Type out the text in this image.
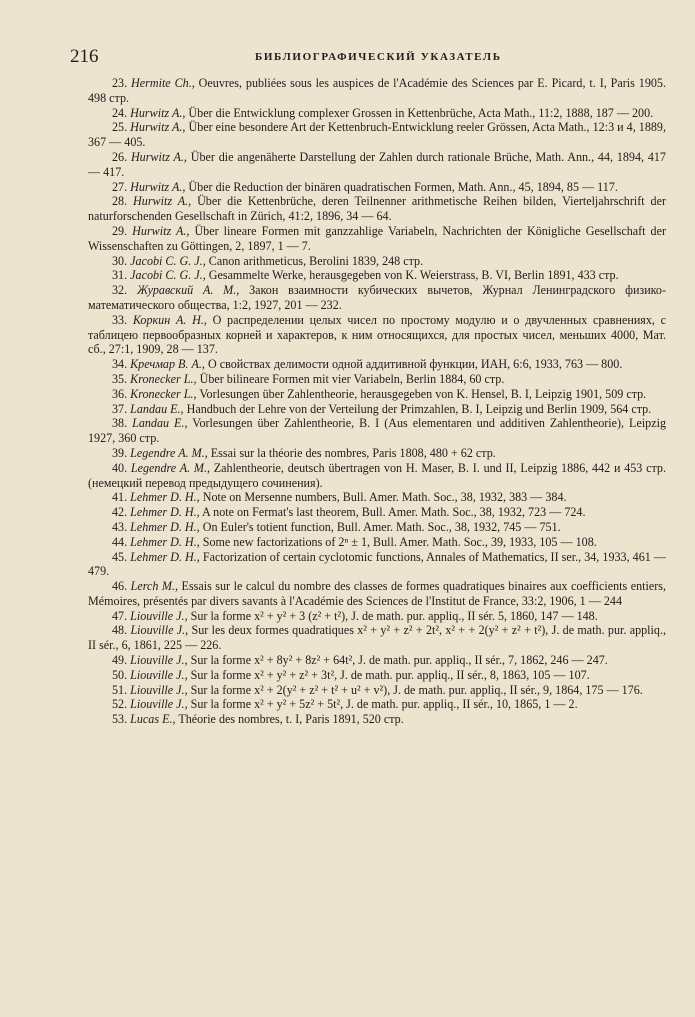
216	БИБЛИОГРАФИЧЕСКИЙ УКАЗАТЕЛЬ

23. Hermite Ch., Oeuvres, publiées sous les auspices de l'Académie des Sciences par E. Picard, t. I, Paris 1905. 498 стр.

24. Hurwitz A., Über die Entwicklung complexer Grossen in Kettenbrüche, Acta Math., 11:2, 1888, 187 — 200.

25. Hurwitz A., Über eine besondere Art der Kettenbruch-Entwicklung reeler Grössen, Acta Math., 12:3 и 4, 1889, 367 — 405.

26. Hurwitz A., Über die angenäherte Darstellung der Zahlen durch rationale Brüche, Math. Ann., 44, 1894, 417 — 417.

27. Hurwitz A., Über die Reduction der binären quadratischen Formen, Math. Ann., 45, 1894, 85 — 117.

28. Hurwitz A., Über die Kettenbrüche, deren Teilnenner arithmetische Reihen bilden, Vierteljahrschrift der naturforschenden Gesellschaft in Zürich, 41:2, 1896, 34 — 64.

29. Hurwitz A., Über lineare Formen mit ganzzahlige Variabeln, Nachrichten der Königliche Gesellschaft der Wissenschaften zu Göttingen, 2, 1897, 1 — 7.

30. Jacobi C. G. J., Canon arithmeticus, Berolini 1839, 248 стр.

31. Jacobi C. G. J., Gesammelte Werke, herausgegeben von K. Weierstrass, B. VI, Berlin 1891, 433 стр.

32. Журавский А. М., Закон взаимности кубических вычетов, Журнал Ленинградского физико-математического общества, 1:2, 1927, 201 — 232.

33. Коркин А. Н., О распределении целых чисел по простому модулю и о двучленных сравнениях, с таблицею первообразных корней и характеров, к ним относящихся, для простых чисел, меньших 4000, Мат. сб., 27:1, 1909, 28 — 137.

34. Кречмар В. А., О свойствах делимости одной аддитивной функции, ИАН, 6:6, 1933, 763 — 800.

35. Kronecker L., Über bilineare Formen mit vier Variabeln, Berlin 1884, 60 стр.

36. Kronecker L., Vorlesungen über Zahlentheorie, herausgegeben von K. Hensel, B. I, Leipzig 1901, 509 стр.

37. Landau E., Handbuch der Lehre von der Verteilung der Primzahlen, B. I, Leipzig und Berlin 1909, 564 стр.

38. Landau E., Vorlesungen über Zahlentheorie, B. I (Aus elementaren und additiven Zahlentheorie), Leipzig 1927, 360 стр.

39. Legendre A. M., Essai sur la théorie des nombres, Paris 1808, 480 + 62 стр.

40. Legendre A. M., Zahlentheorie, deutsch übertragen von H. Maser, B. I. und II, Leipzig 1886, 442 и 453 стр. (немецкий перевод предыдущего сочинения).

41. Lehmer D. H., Note on Mersenne numbers, Bull. Amer. Math. Soc., 38, 1932, 383 — 384.

42. Lehmer D. H., A note on Fermat's last theorem, Bull. Amer. Math. Soc., 38, 1932, 723 — 724.

43. Lehmer D. H., On Euler's totient function, Bull. Amer. Math. Soc., 38, 1932, 745 — 751.

44. Lehmer D. H., Some new factorizations of 2ⁿ ± 1, Bull. Amer. Math. Soc., 39, 1933, 105 — 108.

45. Lehmer D. H., Factorization of certain cyclotomic functions, Annales of Mathematics, II ser., 34, 1933, 461 — 479.

46. Lerch M., Essais sur le calcul du nombre des classes de formes quadratiques binaires aux coefficients entiers, Mémoires, présentés par divers savants à l'Académie des Sciences de l'Institut de France, 33:2, 1906, 1 — 244

47. Liouville J., Sur la forme x² + y² + 3 (z² + t²), J. de math. pur. appliq., II sér. 5, 1860, 147 — 148.

48. Liouville J., Sur les deux formes quadratiques x² + y² + z² + 2t², x² + + 2(y² + z² + t²), J. de math. pur. appliq., II sér., 6, 1861, 225 — 226.

49. Liouville J., Sur la forme x² + 8y² + 8z² + 64t², J. de math. pur. appliq., II sér., 7, 1862, 246 — 247.

50. Liouville J., Sur la forme x² + y² + z² + 3t², J. de math. pur. appliq., II sér., 8, 1863, 105 — 107.

51. Liouville J., Sur la forme x² + 2(y² + z² + t² + u² + v²), J. de math. pur. appliq., II sér., 9, 1864, 175 — 176.

52. Liouville J., Sur la forme x² + y² + 5z² + 5t², J. de math. pur. appliq., II sér., 10, 1865, 1 — 2.

53. Lucas E., Théorie des nombres, t. I, Paris 1891, 520 стр.
